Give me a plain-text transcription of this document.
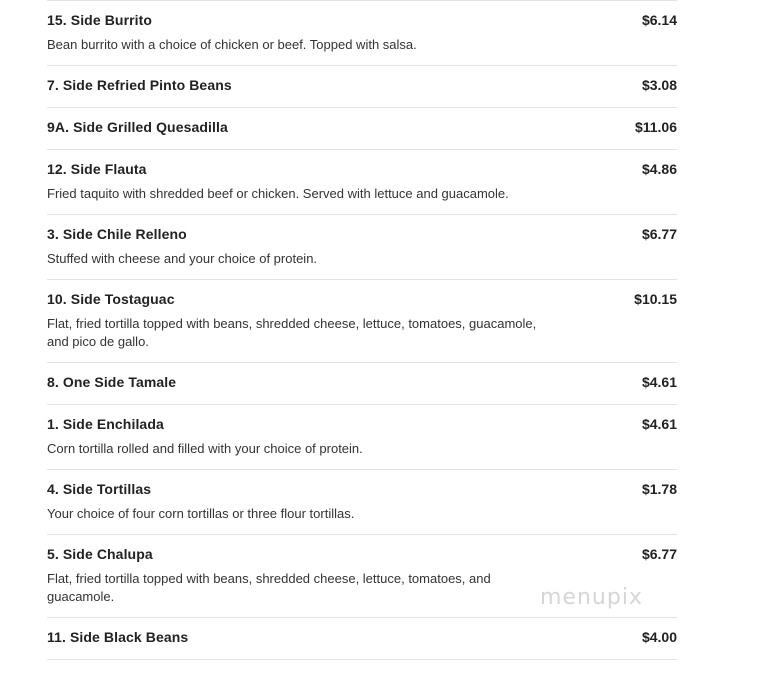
15. Side Burrito	$6.14
Bean burrito with a choice of chicken or beef. Topped with salsa.
7. Side Refried Pinto Beans	$3.08
9A. Side Grilled Quesadilla	$11.06
12. Side Flauta	$4.86
Fried taquito with shredded beef or chicken. Served with lettuce and guacamole.
3. Side Chile Relleno	$6.77
Stuffed with cheese and your choice of protein.
10. Side Tostaguac	$10.15
Flat, fried tortilla topped with beans, shredded cheese, lettuce, tomatoes, guacamole, and pico de gallo.
8. One Side Tamale	$4.61
1. Side Enchilada	$4.61
Corn tortilla rolled and filled with your choice of protein.
4. Side Tortillas	$1.78
Your choice of four corn tortillas or three flour tortillas.
5. Side Chalupa	$6.77
Flat, fried tortilla topped with beans, shredded cheese, lettuce, tomatoes, and guacamole.
11. Side Black Beans	$4.00
menupix
